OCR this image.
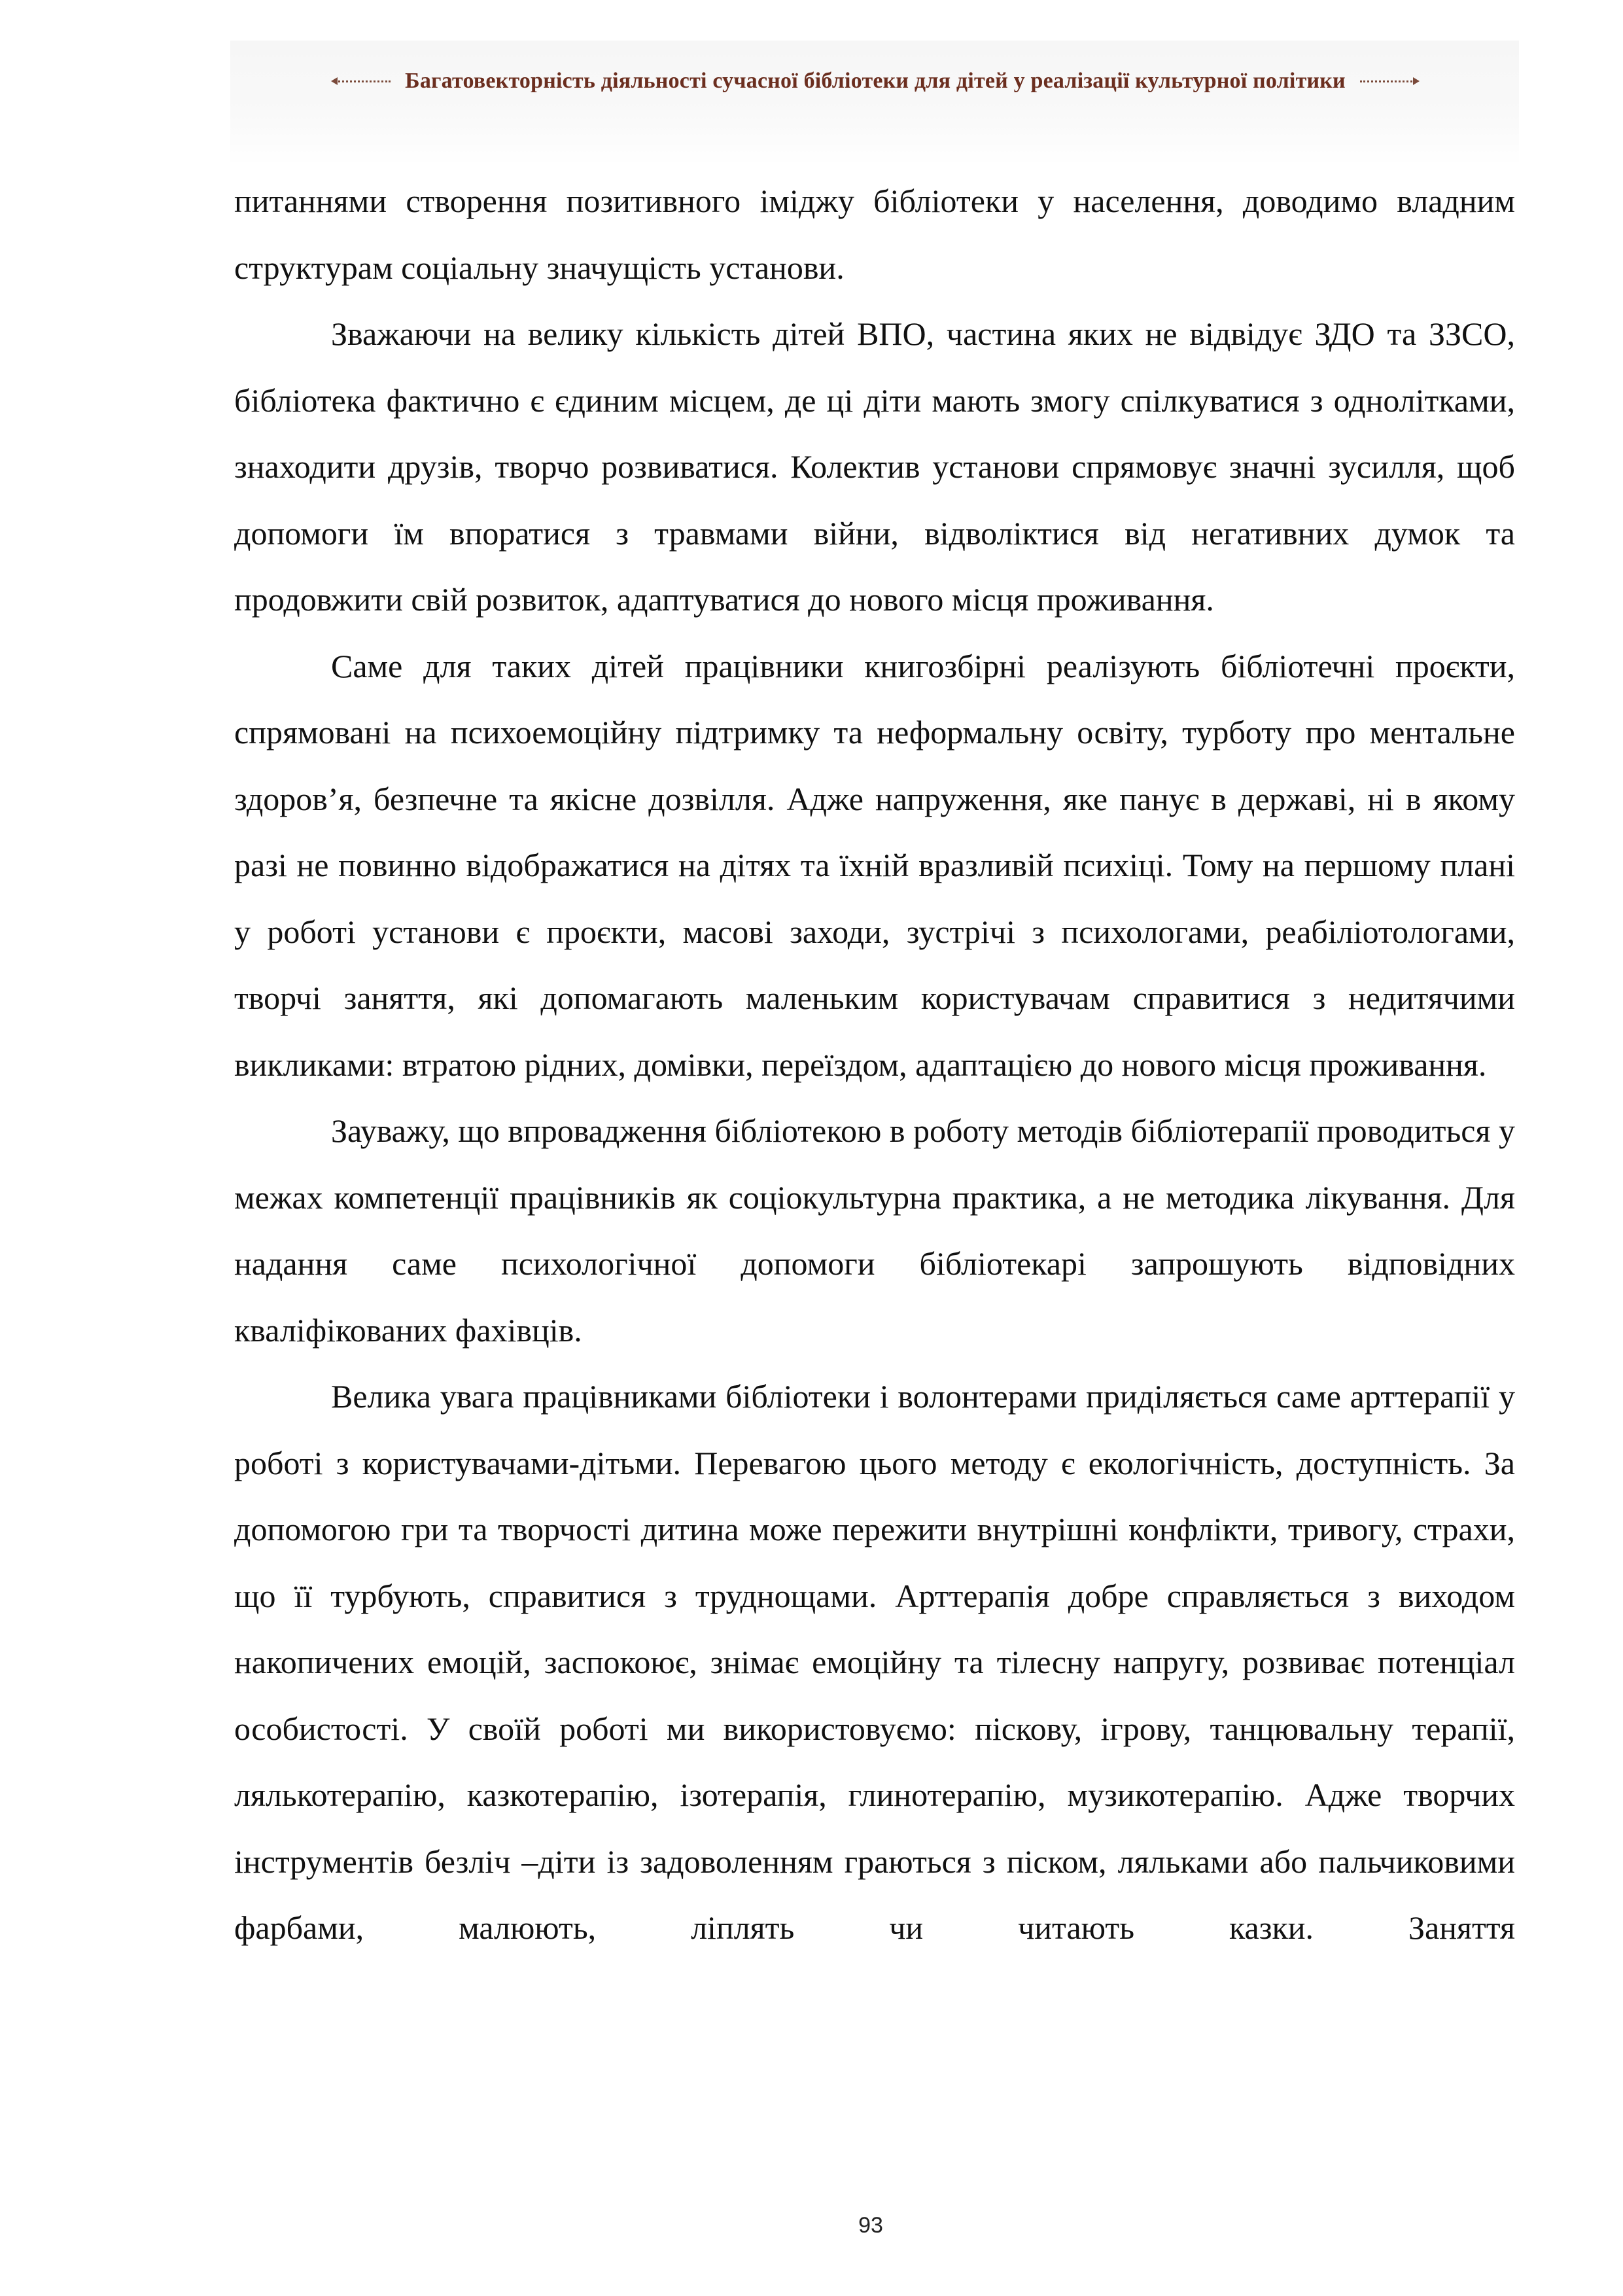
Багатовекторність діяльності сучасної бібліотеки для дітей у реалізації культурної політики

питаннями створення позитивного іміджу бібліотеки у населення, доводимо владним структурам соціальну значущість установи.

Зважаючи на велику кількість дітей ВПО, частина яких не відвідує ЗДО та ЗЗСО, бібліотека фактично є єдиним місцем, де ці діти мають змогу спілкуватися з однолітками, знаходити друзів, творчо розвиватися. Колектив установи спрямовує значні зусилля, щоб допомоги їм впоратися з травмами війни, відволіктися від негативних думок та продовжити свій розвиток, адаптуватися до нового місця проживання.

Саме для таких дітей працівники книгозбірні реалізують бібліотечні проєкти, спрямовані на психоемоційну підтримку та неформальну освіту, турботу про ментальне здоров’я, безпечне та якісне дозвілля. Адже напруження, яке панує в державі, ні в якому разі не повинно відображатися на дітях та їхній вразливій психіці. Тому на першому плані у роботі установи є проєкти, масові заходи, зустрічі з психологами, реабіліотологами, творчі заняття, які допомагають маленьким користувачам справитися з недитячими викликами: втратою рідних, домівки, переїздом, адаптацією до нового місця проживання.

Зауважу, що впровадження бібліотекою в роботу методів бібліотерапії проводиться у межах компетенції працівників як соціокультурна практика, а не методика лікування. Для надання саме психологічної допомоги бібліотекарі запрошують відповідних кваліфікованих фахівців.

Велика увага працівниками бібліотеки і волонтерами приділяється саме арттерапії у роботі з користувачами-дітьми. Перевагою цього методу є екологічність, доступність. За допомогою гри та творчості дитина може пережити внутрішні конфлікти, тривогу, страхи, що її турбують, справитися з труднощами. Арттерапія добре справляється з виходом накопичених емоцій, заспокоює, знімає емоційну та тілесну напругу, розвиває потенціал особистості. У своїй роботі ми використовуємо: піскову, ігрову, танцювальну терапії, лялькотерапію, казкотерапію, ізотерапія, глинотерапію, музикотерапію. Адже творчих інструментів безліч –діти із задоволенням граються з піском, ляльками або пальчиковими фарбами, малюють, ліплять чи читають казки. Заняття

93
